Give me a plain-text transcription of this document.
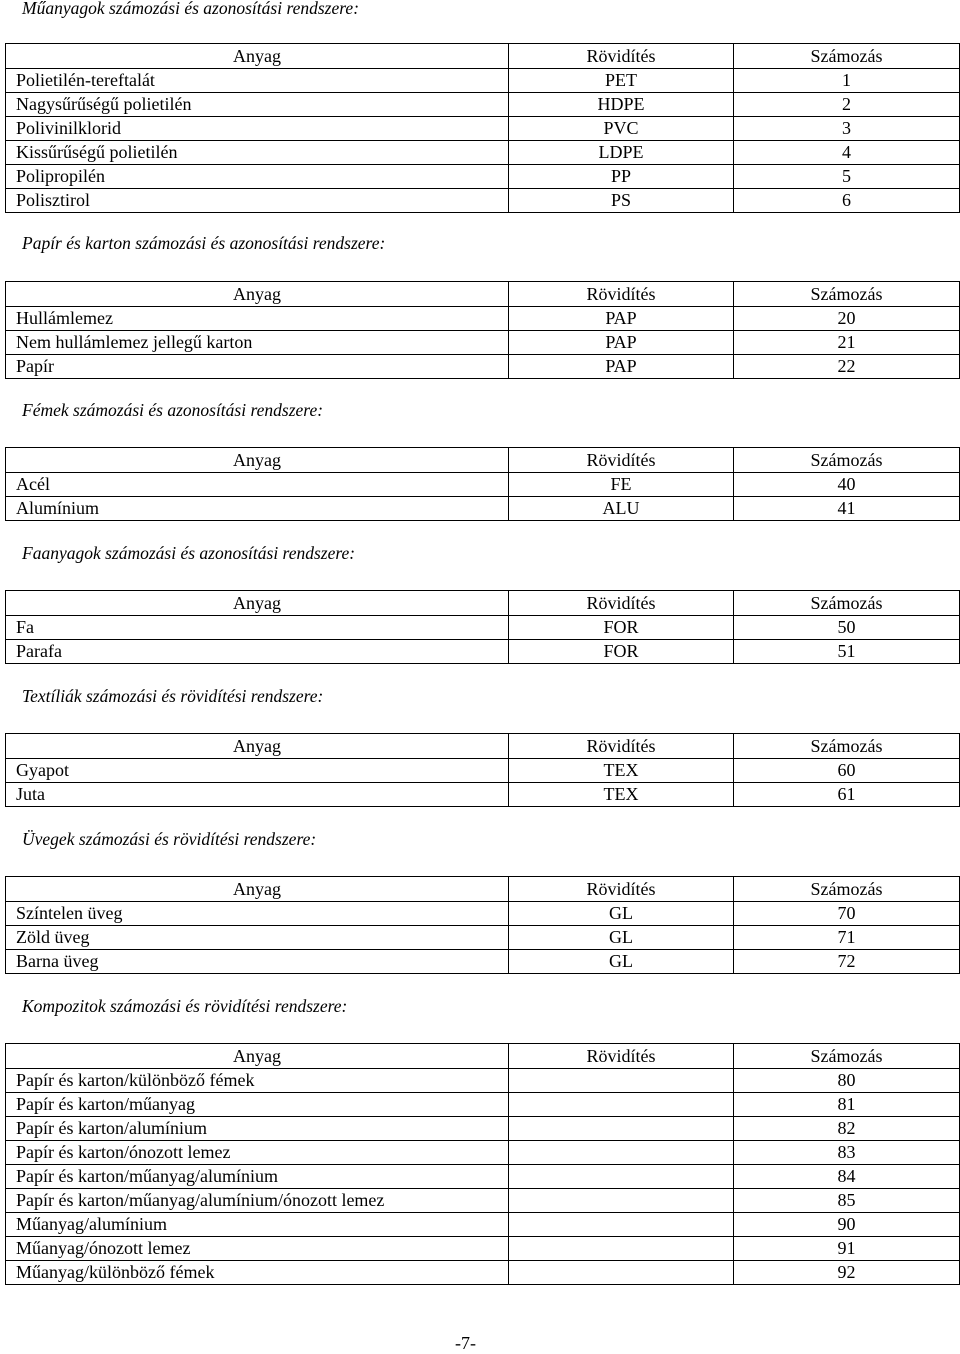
Műanyagok számozási és azonosítási rendszere:
Anyag	Rövidítés	Számozás
Polietilén-tereftalát	PET	1
Nagysűrűségű polietilén	HDPE	2
Polivinilklorid	PVC	3
Kissűrűségű polietilén	LDPE	4
Polipropilén	PP	5
Polisztirol	PS	6
Papír és karton számozási és azonosítási rendszere:
Anyag	Rövidítés	Számozás
Hullámlemez	PAP	20
Nem hullámlemez jellegű karton	PAP	21
Papír	PAP	22
Fémek számozási és azonosítási rendszere:
Anyag	Rövidítés	Számozás
Acél	FE	40
Alumínium	ALU	41
Faanyagok számozási és azonosítási rendszere:
Anyag	Rövidítés	Számozás
Fa	FOR	50
Parafa	FOR	51
Textíliák számozási és rövidítési rendszere:
Anyag	Rövidítés	Számozás
Gyapot	TEX	60
Juta	TEX	61
Üvegek számozási és rövidítési rendszere:
Anyag	Rövidítés	Számozás
Színtelen üveg	GL	70
Zöld üveg	GL	71
Barna üveg	GL	72
Kompozitok számozási és rövidítési rendszere:
Anyag	Rövidítés	Számozás
Papír és karton/különböző fémek		80
Papír és karton/műanyag		81
Papír és karton/alumínium		82
Papír és karton/ónozott lemez		83
Papír és karton/műanyag/alumínium		84
Papír és karton/műanyag/alumínium/ónozott lemez		85
Műanyag/alumínium		90
Műanyag/ónozott lemez		91
Műanyag/különböző fémek		92
-7-
